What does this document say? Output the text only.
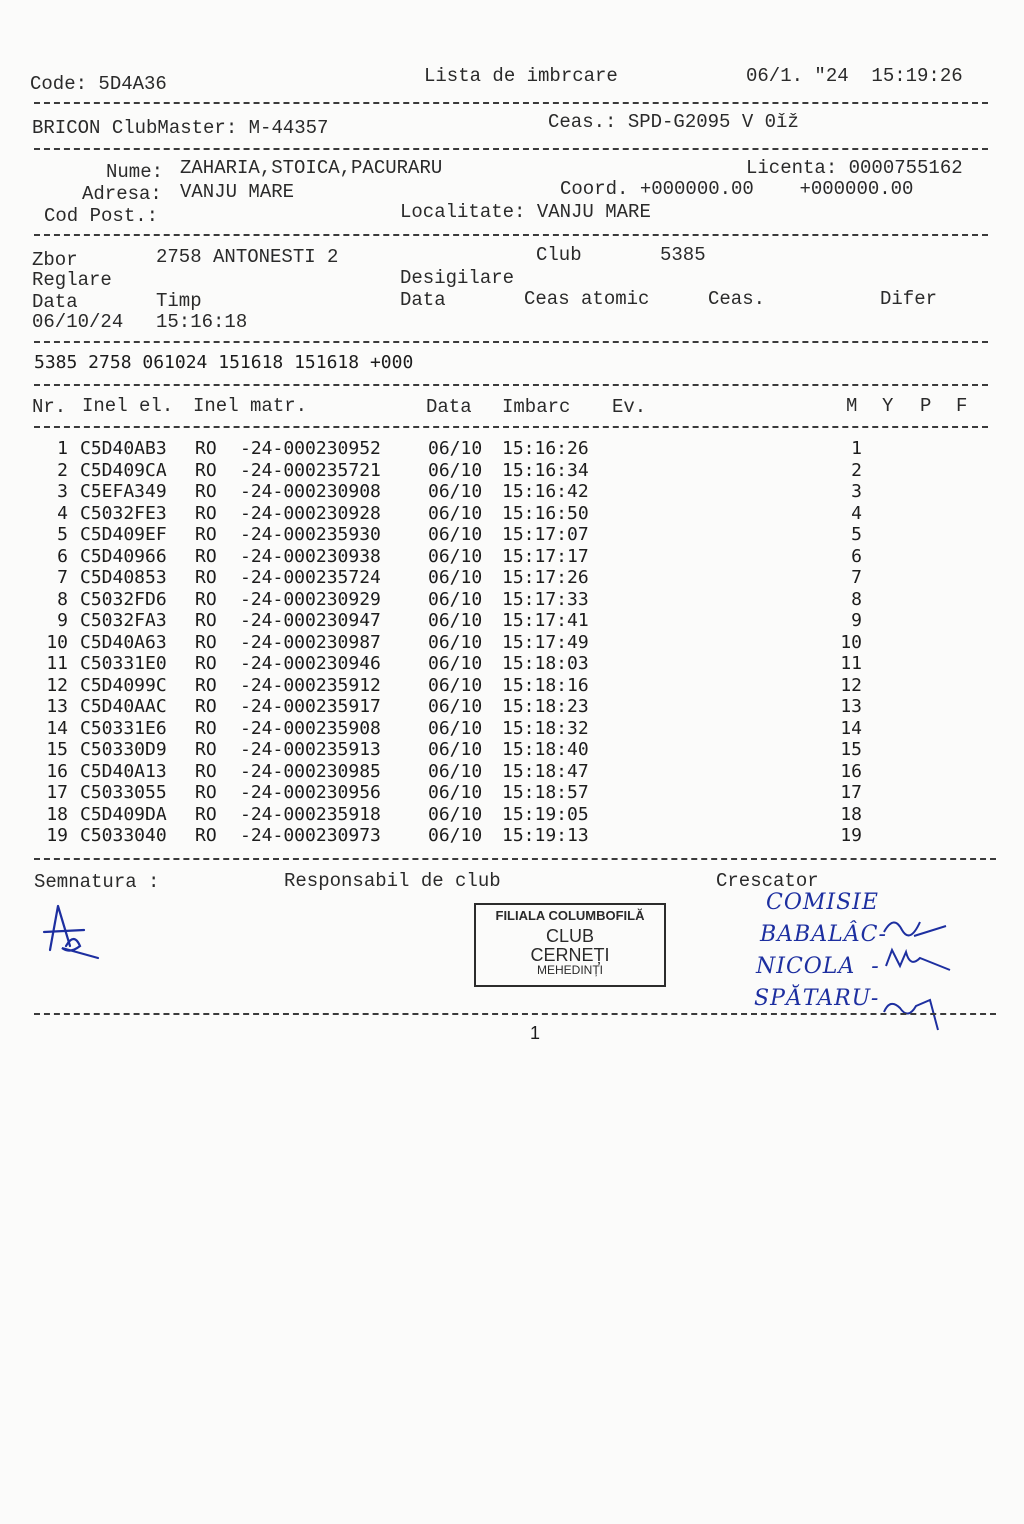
Code: 5D4A36	Lista de imbrcare	06/1. "24  15:19:26
BRICON ClubMaster: M-44357	Ceas.: SPD-G2095 V 0ǐž
Nume: ZAHARIA,STOICA,PACURARU	Licenta: 0000755162
Adresa: VANJU MARE	Coord. +000000.00    +000000.00
Cod Post.:	Localitate: VANJU MARE
Zbor	2758 ANTONESTI 2	Club	5385
Reglare	Desigilare
Data	Timp	Data	Ceas atomic	Ceas.	Difer
06/10/24 15:16:18
5385 2758 061024 151618 151618 +000
Nr. Inel el. Inel matr.	Data Imbarc Ev.	M Y P F
1 C5D40AB3 RO -24-000230952	06/10 15:16:26	1
2 C5D409CA RO -24-000235721	06/10 15:16:34	2
3 C5EFA349 RO -24-000230908	06/10 15:16:42	3
4 C5032FE3 RO -24-000230928	06/10 15:16:50	4
5 C5D409EF RO -24-000235930	06/10 15:17:07	5
6 C5D40966 RO -24-000230938	06/10 15:17:17	6
7 C5D40853 RO -24-000235724	06/10 15:17:26	7
8 C5032FD6 RO -24-000230929	06/10 15:17:33	8
9 C5032FA3 RO -24-000230947	06/10 15:17:41	9
10 C5D40A63 RO -24-000230987	06/10 15:17:49	10
11 C50331E0 RO -24-000230946	06/10 15:18:03	11
12 C5D4099C RO -24-000235912	06/10 15:18:16	12
13 C5D40AAC RO -24-000235917	06/10 15:18:23	13
14 C50331E6 RO -24-000235908	06/10 15:18:32	14
15 C50330D9 RO -24-000235913	06/10 15:18:40	15
16 C5D40A13 RO -24-000230985	06/10 15:18:47	16
17 C5033055 RO -24-000230956	06/10 15:18:57	17
18 C5D409DA RO -24-000235918	06/10 15:19:05	18
19 C5033040 RO -24-000230973	06/10 15:19:13	19
Semnatura :	Responsabil de club	Crescator
FILIALA COLUMBOFILĂ
CLUB
CERNEȚI
MEHEDINȚI
COMISIE
BABALÂC-
NICOLA  -
SPĂTARU-
1
